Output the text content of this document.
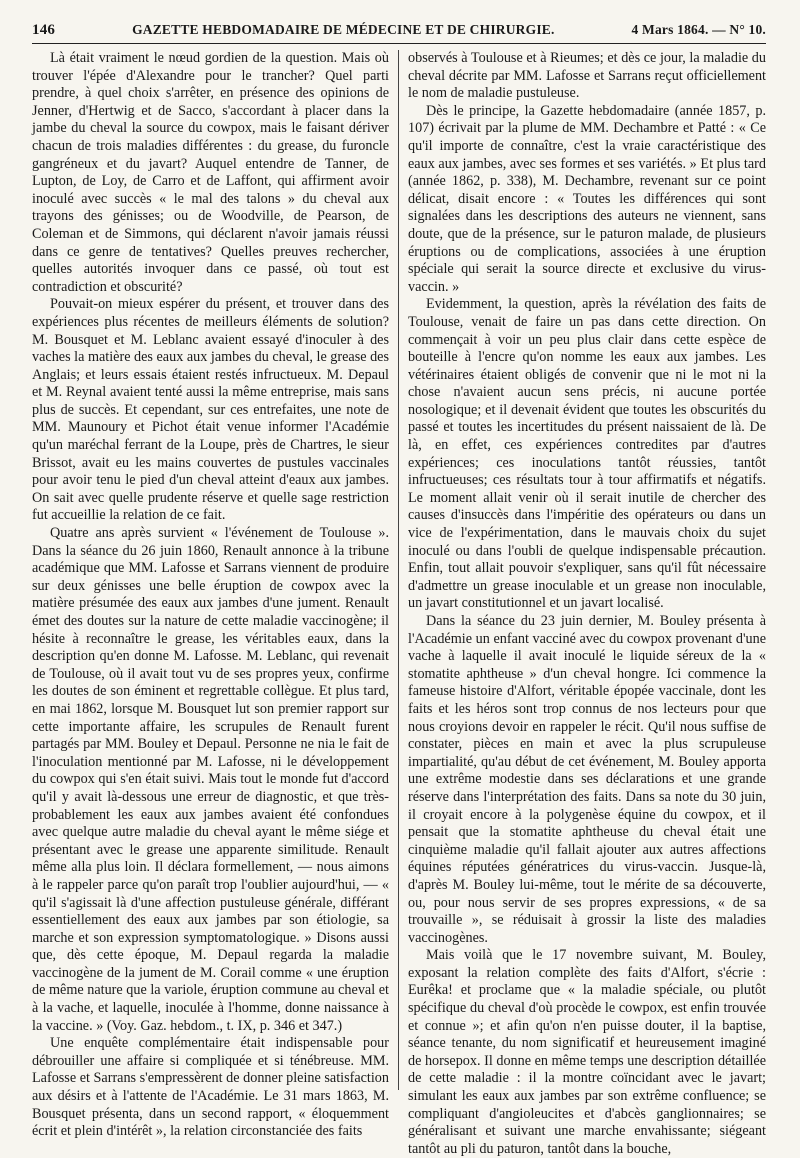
146	GAZETTE HEBDOMADAIRE DE MÉDECINE ET DE CHIRURGIE.	4 Mars 1864. — N° 10.

Là était vraiment le nœud gordien de la question. Mais où trouver l'épée d'Alexandre pour le trancher? Quel parti prendre, à quel choix s'arrêter, en présence des opinions de Jenner, d'Hertwig et de Sacco, s'accordant à placer dans la jambe du cheval la source du cowpox, mais le faisant dériver chacun de trois maladies différentes : du grease, du furoncle gangréneux et du javart? Auquel entendre de Tanner, de Lupton, de Loy, de Carro et de Laffont, qui affirment avoir inoculé avec succès « le mal des talons » du cheval aux trayons des génisses; ou de Woodville, de Pearson, de Coleman et de Simmons, qui déclarent n'avoir jamais réussi dans ce genre de tentatives? Quelles preuves rechercher, quelles autorités invoquer dans ce passé, où tout est contradiction et obscurité?

Pouvait-on mieux espérer du présent, et trouver dans des expériences plus récentes de meilleurs éléments de solution? M. Bousquet et M. Leblanc avaient essayé d'inoculer à des vaches la matière des eaux aux jambes du cheval, le grease des Anglais; et leurs essais étaient restés infructueux. M. Depaul et M. Reynal avaient tenté aussi la même entreprise, mais sans plus de succès. Et cependant, sur ces entrefaites, une note de MM. Maunoury et Pichot était venue informer l'Académie qu'un maréchal ferrant de la Loupe, près de Chartres, le sieur Brissot, avait eu les mains couvertes de pustules vaccinales pour avoir tenu le pied d'un cheval atteint d'eaux aux jambes. On sait avec quelle prudente réserve et quelle sage restriction fut accueillie la relation de ce fait.

Quatre ans après survient « l'événement de Toulouse ». Dans la séance du 26 juin 1860, Renault annonce à la tribune académique que MM. Lafosse et Sarrans viennent de produire sur deux génisses une belle éruption de cowpox avec la matière présumée des eaux aux jambes d'une jument. Renault émet des doutes sur la nature de cette maladie vaccinogène; il hésite à reconnaître le grease, les véritables eaux, dans la description qu'en donne M. Lafosse. M. Leblanc, qui revenait de Toulouse, où il avait tout vu de ses propres yeux, confirme les doutes de son éminent et regrettable collègue. Et plus tard, en mai 1862, lorsque M. Bousquet lut son premier rapport sur cette importante affaire, les scrupules de Renault furent partagés par MM. Bouley et Depaul. Personne ne nia le fait de l'inoculation mentionné par M. Lafosse, ni le développement du cowpox qui s'en était suivi. Mais tout le monde fut d'accord qu'il y avait là-dessous une erreur de diagnostic, et que très-probablement les eaux aux jambes avaient été confondues avec quelque autre maladie du cheval ayant le même siége et présentant avec le grease une apparente similitude. Renault même alla plus loin. Il déclara formellement, — nous aimons à le rappeler parce qu'on paraît trop l'oublier aujourd'hui, — « qu'il s'agissait là d'une affection pustuleuse générale, différant essentiellement des eaux aux jambes par son étiologie, sa marche et son expression symptomatologique. » Disons aussi que, dès cette époque, M. Depaul regarda la maladie vaccinogène de la jument de M. Corail comme « une éruption de même nature que la variole, éruption commune au cheval et à la vache, et laquelle, inoculée à l'homme, donne naissance à la vaccine. » (Voy. Gaz. hebdom., t. IX, p. 346 et 347.)

Une enquête complémentaire était indispensable pour débrouiller une affaire si compliquée et si ténébreuse. MM. Lafosse et Sarrans s'empressèrent de donner pleine satisfaction aux désirs et à l'attente de l'Académie. Le 31 mars 1863, M. Bousquet présenta, dans un second rapport, « éloquemment écrit et plein d'intérêt », la relation circonstanciée des faits

observés à Toulouse et à Rieumes; et dès ce jour, la maladie du cheval décrite par MM. Lafosse et Sarrans reçut officiellement le nom de maladie pustuleuse.

Dès le principe, la Gazette hebdomadaire (année 1857, p. 107) écrivait par la plume de MM. Dechambre et Patté : « Ce qu'il importe de connaître, c'est la vraie caractéristique des eaux aux jambes, avec ses formes et ses variétés. » Et plus tard (année 1862, p. 338), M. Dechambre, revenant sur ce point délicat, disait encore : « Toutes les différences qui sont signalées dans les descriptions des auteurs ne viennent, sans doute, que de la présence, sur le paturon malade, de plusieurs éruptions ou de complications, associées à une éruption spéciale qui serait la source directe et exclusive du virus-vaccin. »

Evidemment, la question, après la révélation des faits de Toulouse, venait de faire un pas dans cette direction. On commençait à voir un peu plus clair dans cette espèce de bouteille à l'encre qu'on nomme les eaux aux jambes. Les vétérinaires étaient obligés de convenir que ni le mot ni la chose n'avaient aucun sens précis, ni aucune portée nosologique; et il devenait évident que toutes les obscurités du passé et toutes les incertitudes du présent naissaient de là. De là, en effet, ces expériences contredites par d'autres expériences; ces inoculations tantôt réussies, tantôt infructueuses; ces résultats tour à tour affirmatifs et négatifs. Le moment allait venir où il serait inutile de chercher des causes d'insuccès dans l'impéritie des opérateurs ou dans un vice de l'expérimentation, dans le mauvais choix du sujet inoculé ou dans l'oubli de quelque indispensable précaution. Enfin, tout allait pouvoir s'expliquer, sans qu'il fût nécessaire d'admettre un grease inoculable et un grease non inoculable, un javart constitutionnel et un javart localisé.

Dans la séance du 23 juin dernier, M. Bouley présenta à l'Académie un enfant vacciné avec du cowpox provenant d'une vache à laquelle il avait inoculé le liquide séreux de la « stomatite aphtheuse » d'un cheval hongre. Ici commence la fameuse histoire d'Alfort, véritable épopée vaccinale, dont les faits et les héros sont trop connus de nos lecteurs pour que nous croyions devoir en rappeler le récit. Qu'il nous suffise de constater, pièces en main et avec la plus scrupuleuse impartialité, qu'au début de cet événement, M. Bouley apporta une extrême modestie dans ses déclarations et une grande réserve dans l'interprétation des faits. Dans sa note du 30 juin, il croyait encore à la polygenèse équine du cowpox, et il pensait que la stomatite aphtheuse du cheval était une cinquième maladie qu'il fallait ajouter aux autres affections équines réputées génératrices du virus-vaccin. Jusque-là, d'après M. Bouley lui-même, tout le mérite de sa découverte, ou, pour nous servir de ses propres expressions, « de sa trouvaille », se réduisait à grossir la liste des maladies vaccinogènes.

Mais voilà que le 17 novembre suivant, M. Bouley, exposant la relation complète des faits d'Alfort, s'écrie : Eurêka! et proclame que « la maladie spéciale, ou plutôt spécifique du cheval d'où procède le cowpox, est enfin trouvée et connue »; et afin qu'on n'en puisse douter, il la baptise, séance tenante, du nom significatif et heureusement imaginé de horsepox. Il donne en même temps une description détaillée de cette maladie : il la montre coïncidant avec le javart; simulant les eaux aux jambes par son extrême confluence; se compliquant d'angioleucites et d'abcès ganglionnaires; se généralisant et suivant une marche envahissante; siégeant tantôt au pli du paturon, tantôt dans la bouche,
